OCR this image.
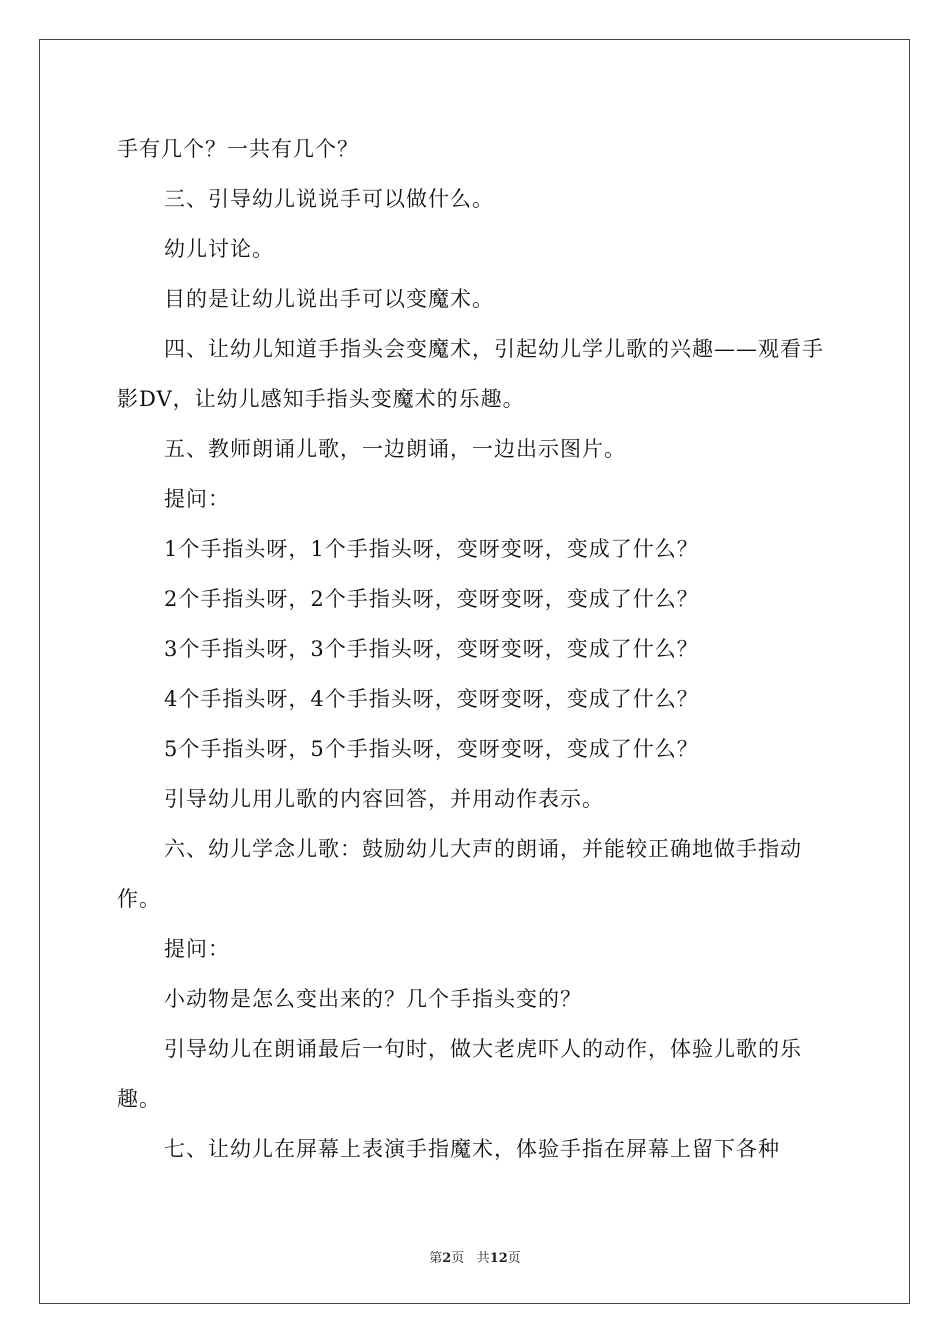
手有几个？一共有几个？

三、引导幼儿说说手可以做什么。

幼儿讨论。

目的是让幼儿说出手可以变魔术。

四、让幼儿知道手指头会变魔术，引起幼儿学儿歌的兴趣——观看手影DV，让幼儿感知手指头变魔术的乐趣。

五、教师朗诵儿歌，一边朗诵，一边出示图片。

提问：

1个手指头呀，1个手指头呀，变呀变呀，变成了什么？

2个手指头呀，2个手指头呀，变呀变呀，变成了什么？

3个手指头呀，3个手指头呀，变呀变呀，变成了什么？

4个手指头呀，4个手指头呀，变呀变呀，变成了什么？

5个手指头呀，5个手指头呀，变呀变呀，变成了什么？

引导幼儿用儿歌的内容回答，并用动作表示。

六、幼儿学念儿歌：鼓励幼儿大声的朗诵，并能较正确地做手指动作。

提问：

小动物是怎么变出来的？几个手指头变的？

引导幼儿在朗诵最后一句时，做大老虎吓人的动作，体验儿歌的乐趣。

七、让幼儿在屏幕上表演手指魔术，体验手指在屏幕上留下各种

第2页 共12页
